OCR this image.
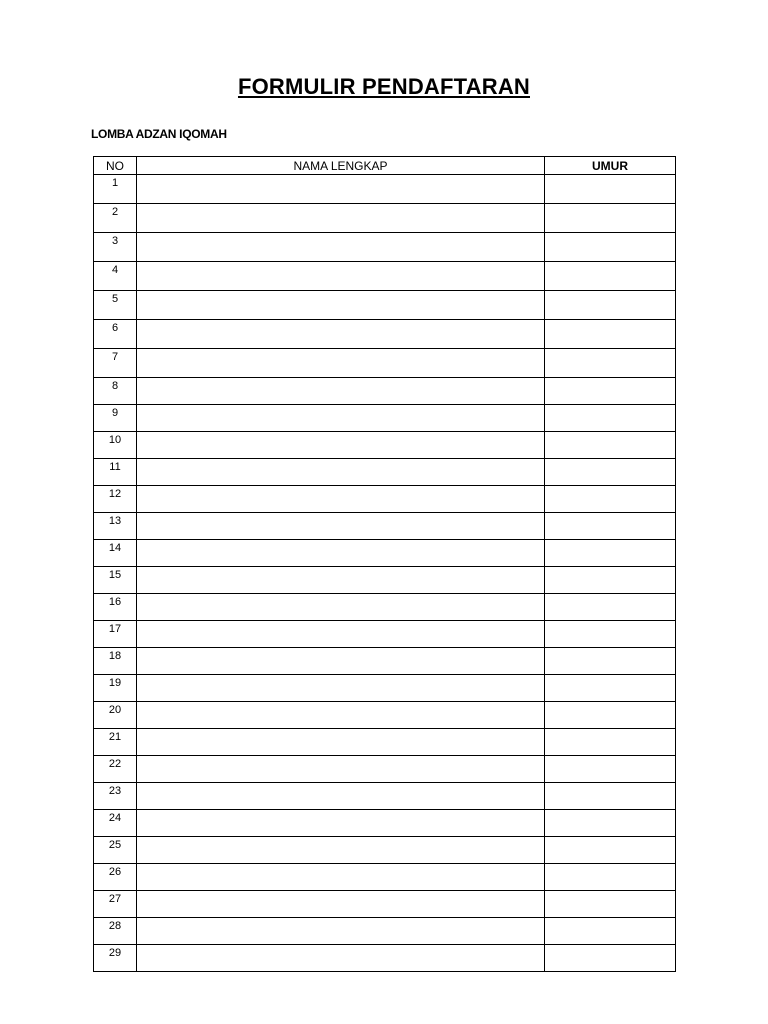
FORMULIR PENDAFTARAN

LOMBA ADZAN IQOMAH

NO	NAMA LENGKAP	UMUR
1		
2		
3		
4		
5		
6		
7		
8		
9		
10		
11		
12		
13		
14		
15		
16		
17		
18		
19		
20		
21		
22		
23		
24		
25		
26		
27		
28		
29		
